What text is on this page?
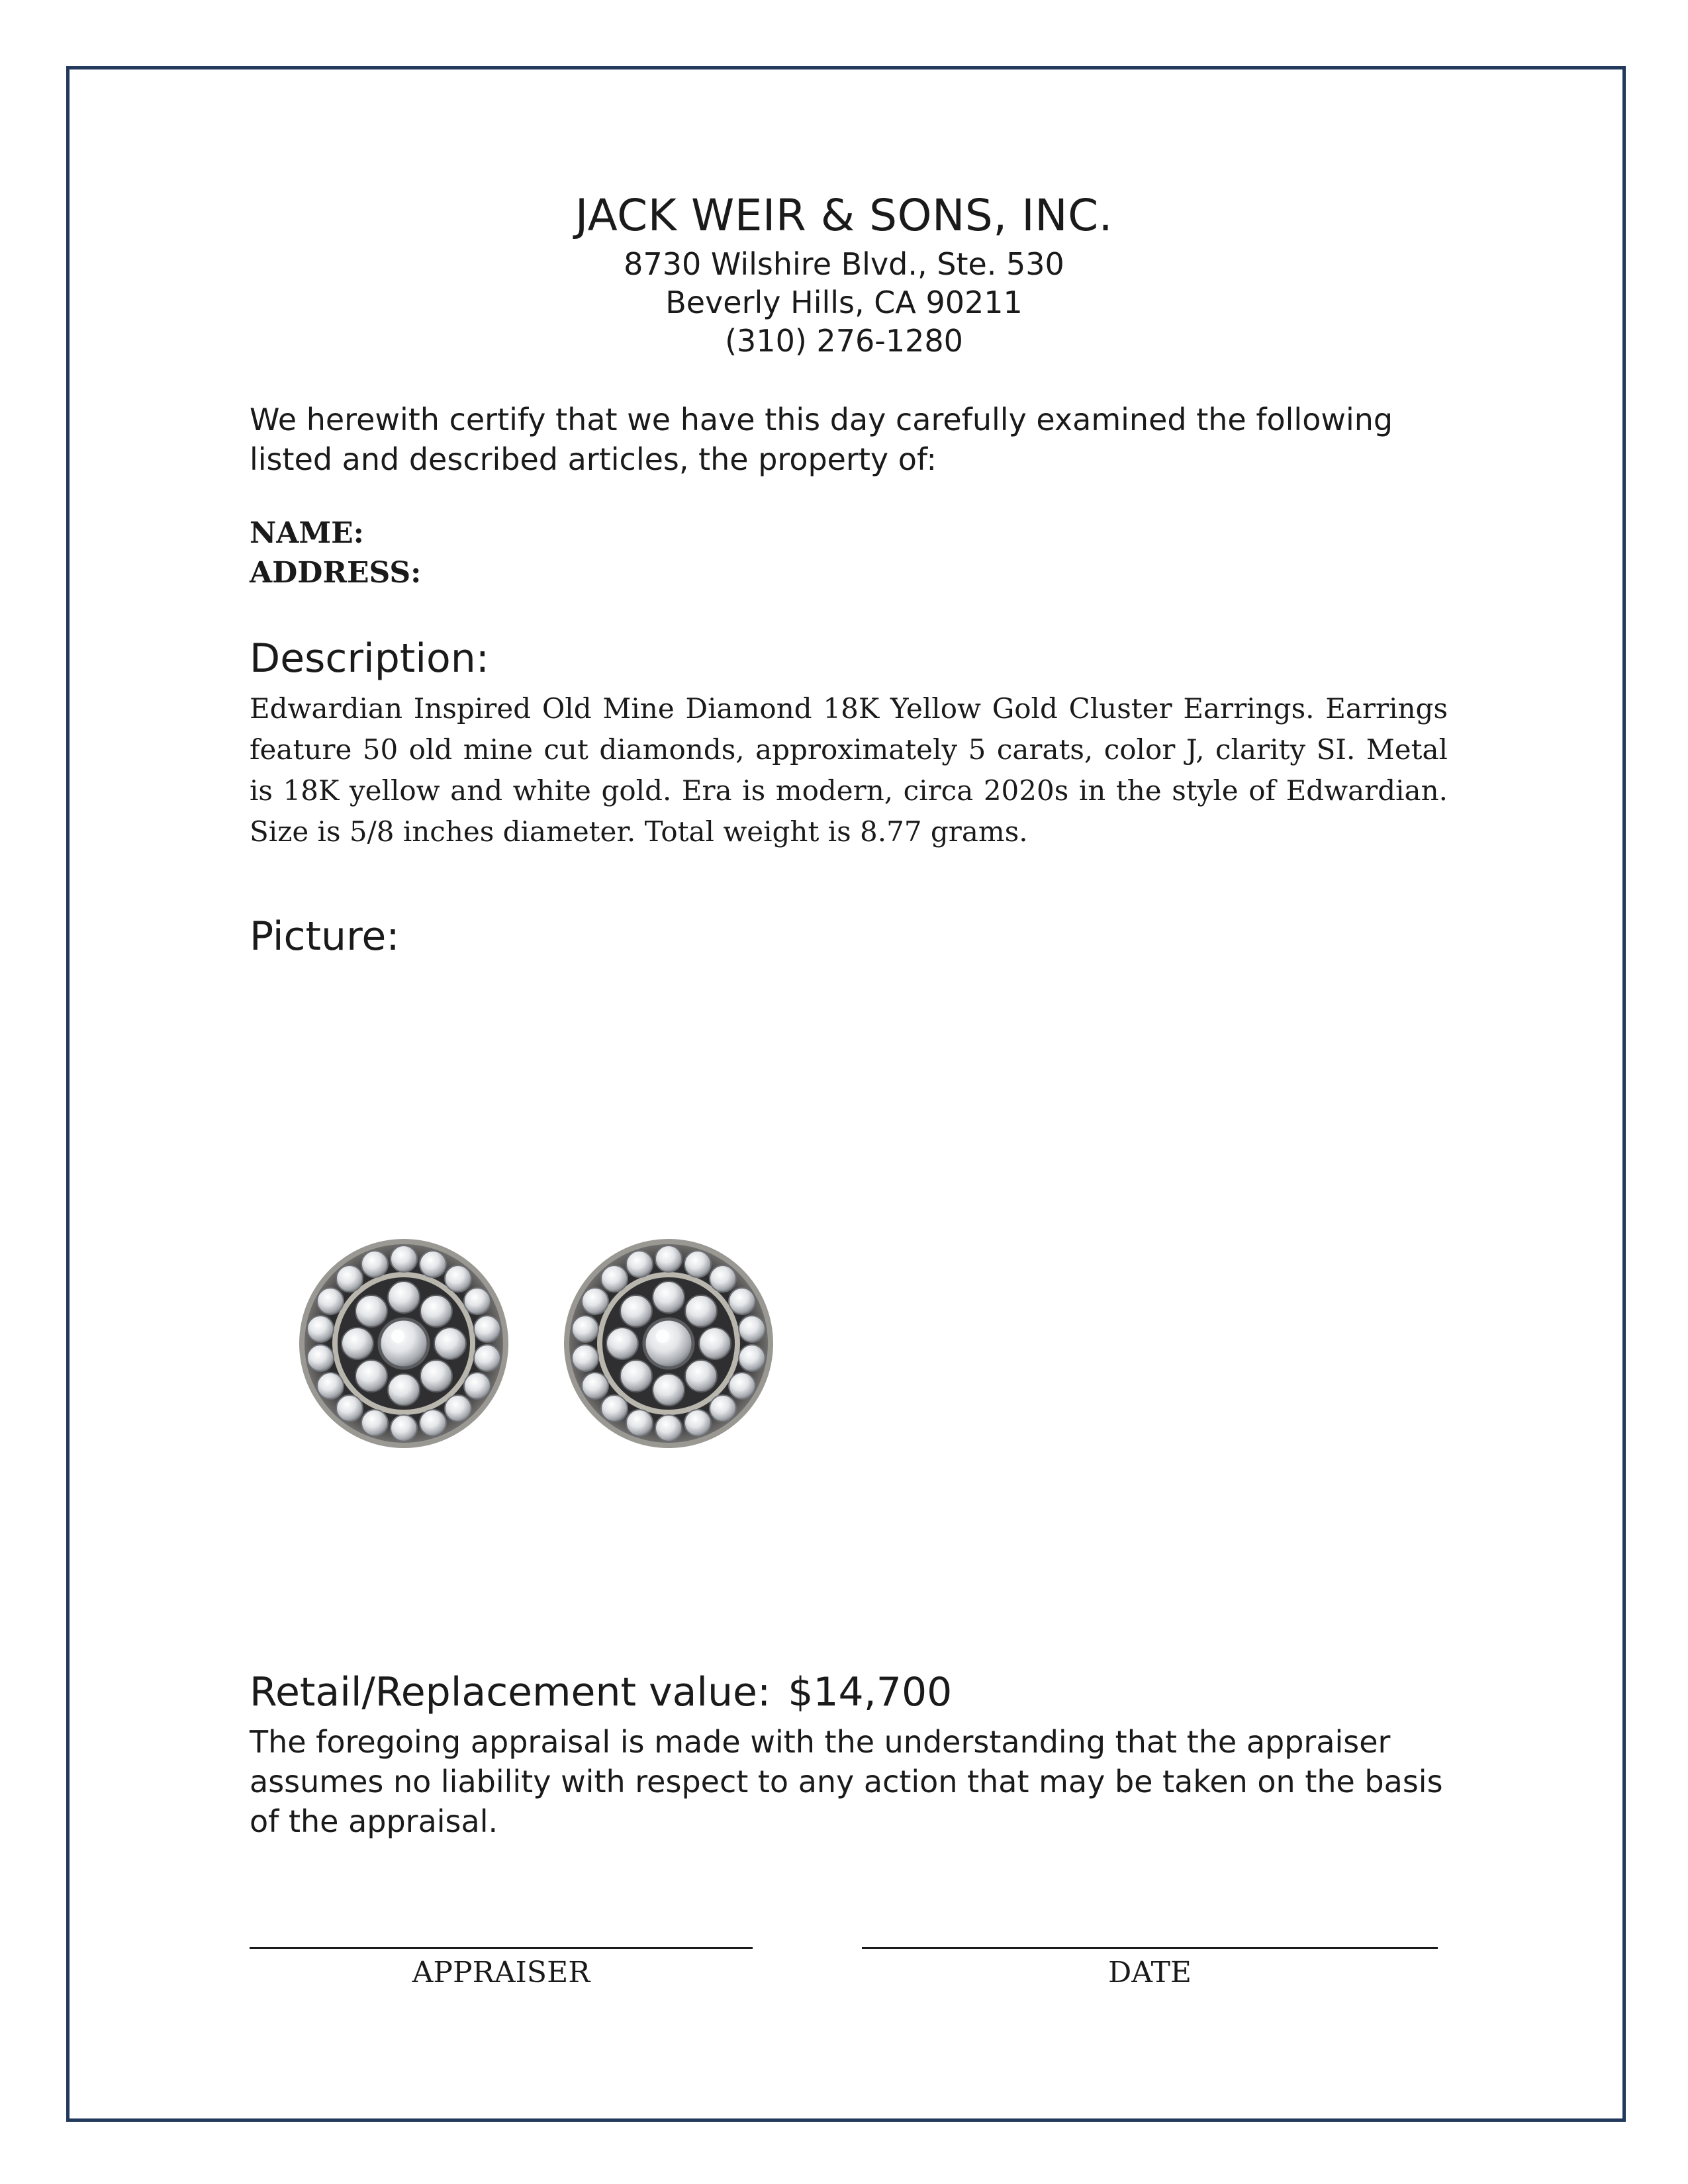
JACK WEIR & SONS, INC.
8730 Wilshire Blvd., Ste. 530
Beverly Hills, CA 90211
(310) 276-1280
We herewith certify that we have this day carefully examined the following listed and described articles, the property of:
NAME:
ADDRESS:
Description:
Edwardian Inspired Old Mine Diamond 18K Yellow Gold Cluster Earrings. Earrings feature 50 old mine cut diamonds, approximately 5 carats, color J, clarity SI. Metal is 18K yellow and white gold. Era is modern, circa 2020s in the style of Edwardian. Size is 5/8 inches diameter. Total weight is 8.77 grams.
Picture:
Retail/Replacement value: $14,700
The foregoing appraisal is made with the understanding that the appraiser assumes no liability with respect to any action that may be taken on the basis of the appraisal.
APPRAISER	DATE
